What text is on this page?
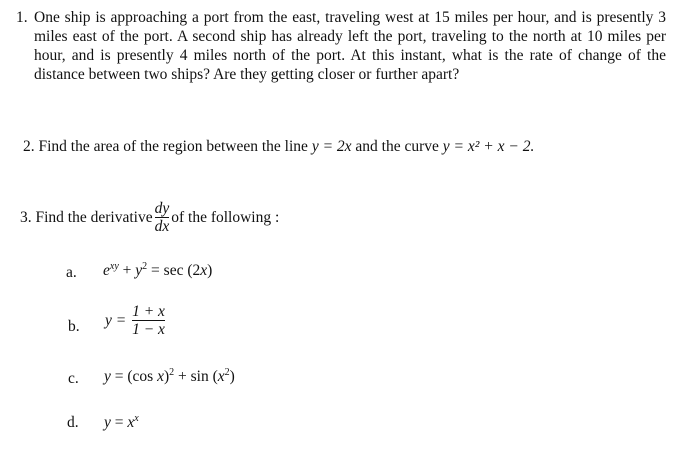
1. One ship is approaching a port from the east, traveling west at 15 miles per hour, and is presently 3 miles east of the port. A second ship has already left the port, traveling to the north at 10 miles per hour, and is presently 4 miles north of the port. At this instant, what is the rate of change of the distance between two ships? Are they getting closer or further apart?
2. Find the area of the region between the line y = 2x and the curve y = x² + x − 2.
3.
Find the derivative $\frac{dy}{dx}$ of the following :
a. $e^{xy} + y^2 = \sec (2x)$
b. y =
$\frac{1 + x}{1 - x}$
c. y = (cos $x)^2 + \sin (x^2)$
d. $y = x^x$
